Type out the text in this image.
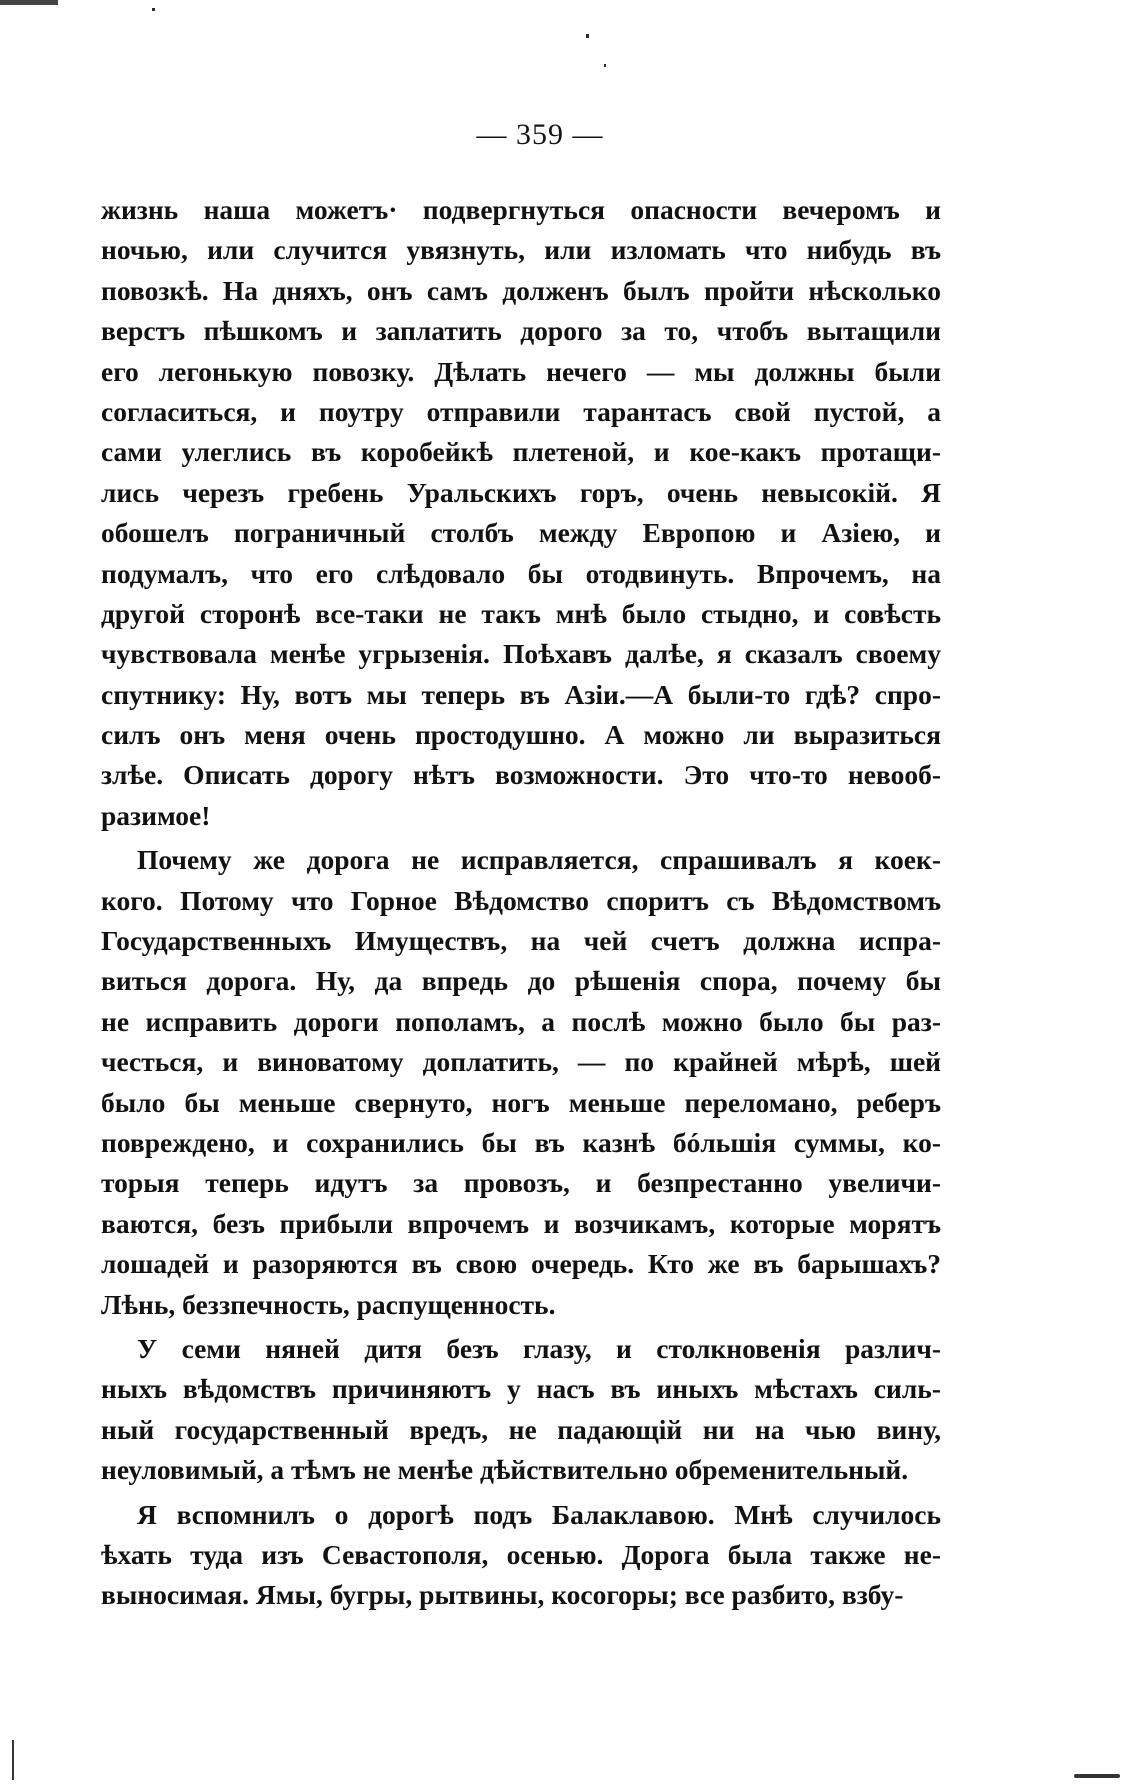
— 359 —
жизнь наша можетъ· подвергнуться опасности вечеромъ и
ночью, или случится увязнуть, или изломать что нибудь въ
повозкѣ. На дняхъ, онъ самъ долженъ былъ пройти нѣсколько
верстъ пѣшкомъ и заплатить дорого за то, чтобъ вытащили
его легонькую повозку. Дѣлать нечего — мы должны были
согласиться, и поутру отправили тарантасъ свой пустой, а
сами улеглись въ коробейкѣ плетеной, и кое-какъ протащи-
лись черезъ гребень Уральскихъ горъ, очень невысокій. Я
обошелъ пограничный столбъ между Европою и Азіею, и
подумалъ, что его слѣдовало бы отодвинуть. Впрочемъ, на
другой сторонѣ все-таки не такъ мнѣ было стыдно, и совѣсть
чувствовала менѣе угрызенія. Поѣхавъ далѣе, я сказалъ своему
спутнику: Ну, вотъ мы теперь въ Азіи.—А были-то гдѣ? спро-
силъ онъ меня очень простодушно. А можно ли выразиться
злѣе. Описать дорогу нѣтъ возможности. Это что-то невооб-
разимое!
Почему же дорога не исправляется, спрашивалъ я коек-
кого. Потому что Горное Вѣдомство споритъ съ Вѣдомствомъ
Государственныхъ Имуществъ, на чей счетъ должна испра-
виться дорога. Ну, да впредь до рѣшенія спора, почему бы
не исправить дороги пополамъ, а послѣ можно было бы раз-
честься, и виноватому доплатить, — по крайней мѣрѣ, шей
было бы меньше свернуто, ногъ меньше переломано, реберъ
повреждено, и сохранились бы въ казнѣ бóльшія суммы, ко-
торыя теперь идутъ за провозъ, и безпрестанно увеличи-
ваются, безъ прибыли впрочемъ и возчикамъ, которые морятъ
лошадей и разоряются въ свою очередь. Кто же въ барышахъ?
Лѣнь, беззпечность, распущенность.
У семи няней дитя безъ глазу, и столкновенія различ-
ныхъ вѣдомствъ причиняютъ у насъ въ иныхъ мѣстахъ силь-
ный государственный вредъ, не падающій ни на чью вину,
неуловимый, а тѣмъ не менѣе дѣйствительно обременительный.
Я вспомнилъ о дорогѣ подъ Балаклавою. Мнѣ случилось
ѣхать туда изъ Севастополя, осенью. Дорога была также не-
выносимая. Ямы, бугры, рытвины, косогоры; все разбито, взбу-
